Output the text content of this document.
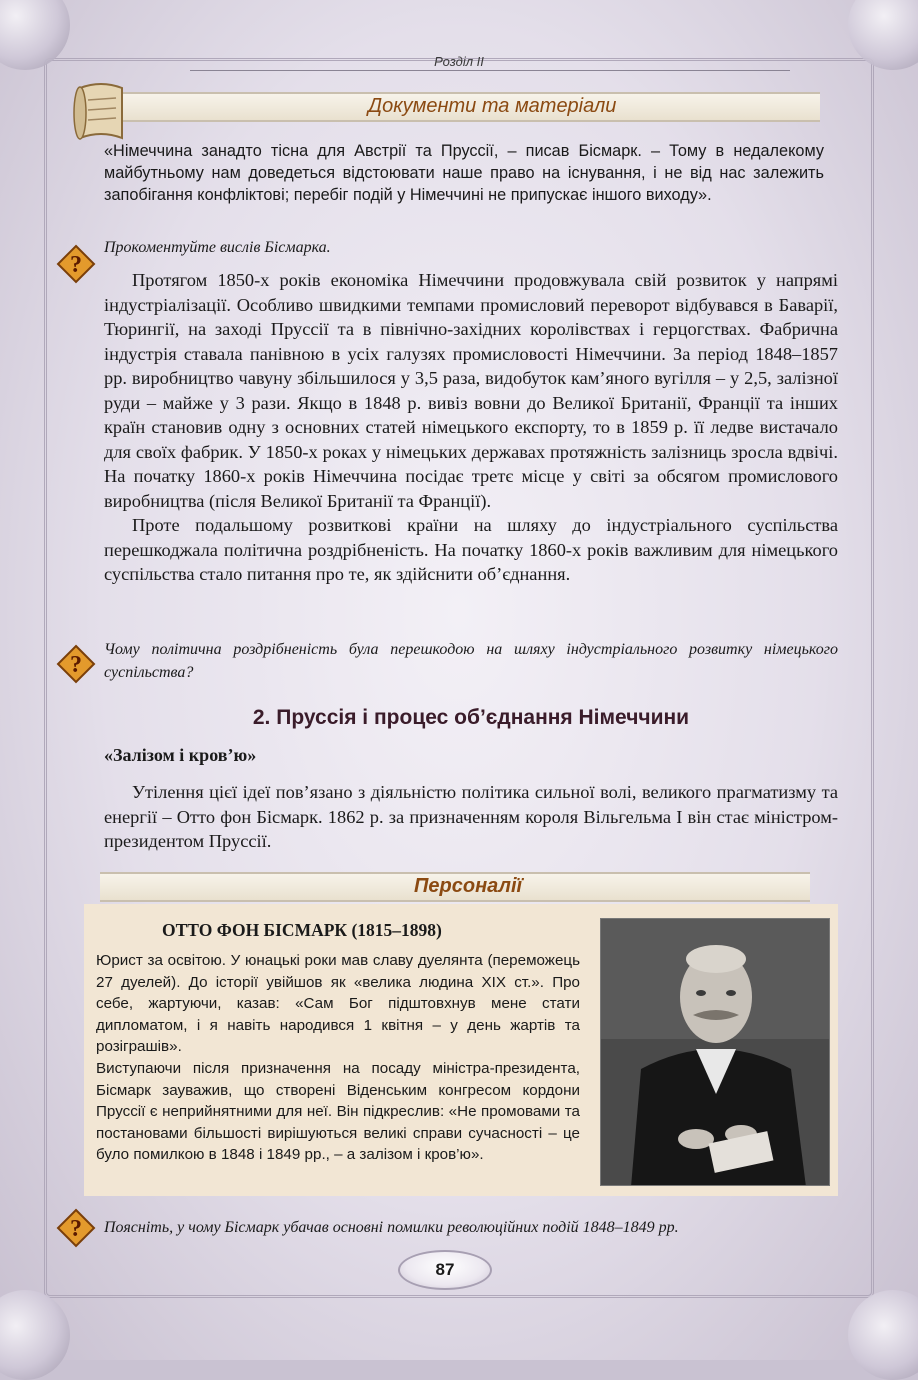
Розділ ІІ
Документи та матеріали
«Німеччина занадто тісна для Австрії та Пруссії, – писав Бісмарк. – Тому в недалекому майбутньому нам доведеться відстоювати наше право на існування, і не від нас залежить запобігання конфліктові; перебіг подій у Німеччині не припускає іншого виходу».
?
Прокоментуйте вислів Бісмарка.

Протягом 1850-х років економіка Німеччини продовжувала свій розвиток у напрямі індустріалізації. Особливо швидкими темпами промисловий переворот відбувався в Баварії, Тюрингії, на заході Пруссії та в північно-західних королівствах і герцогствах. Фабрична індустрія ставала панівною в усіх галузях промисловості Німеччини. За період 1848–1857 рр. виробництво чавуну збільшилося у 3,5 раза, видобуток кам’яного вугілля – у 2,5, залізної руди – майже у 3 рази. Якщо в 1848 р. вивіз вовни до Великої Британії, Франції та інших країн становив одну з основних статей німецького експорту, то в 1859 р. її ледве вистачало для своїх фабрик. У 1850-х роках у німецьких державах протяжність залізниць зросла вдвічі. На початку 1860-х років Німеччина посідає третє місце у світі за обсягом промислового виробництва (після Великої Британії та Франції).

Проте подальшому розвиткові країни на шляху до індустріального суспільства перешкоджала політична роздрібненість. На початку 1860-х років важливим для німецького суспільства стало питання про те, як здійснити об’єднання.

?
Чому політична роздрібненість була перешкодою на шляху індустріального розвитку німецького суспільства?
2. Пруссія і процес об’єднання Німеччини
«Залізом і кров’ю»

Утілення цієї ідеї пов’язано з діяльністю політика сильної волі, великого прагматизму та енергії – Отто фон Бісмарк. 1862 р. за призначенням короля Вільгельма І він стає міністром-президентом Пруссії.

Персоналії
ОТТО ФОН БІСМАРК (1815–1898)

Юрист за освітою. У юнацькі роки мав славу дуелянта (переможець 27 дуелей). До історії увійшов як «велика людина XIX ст.». Про себе, жартуючи, казав: «Сам Бог підштовхнув мене стати дипломатом, і я навіть народився 1 квітня – у день жартів та розіграшів».

Виступаючи після призначення на посаду міністра-президента, Бісмарк зауважив, що створені Віденським конгресом кордони Пруссії є неприйнятними для неї. Він підкреслив: «Не промовами та постановами більшості вирішуються великі справи сучасності – це було помилкою в 1848 і 1849 рр., – а залізом і кров’ю».

? Поясніть, у чому Бісмарк убачав основні помилки революційних подій 1848–1849 рр.
87
